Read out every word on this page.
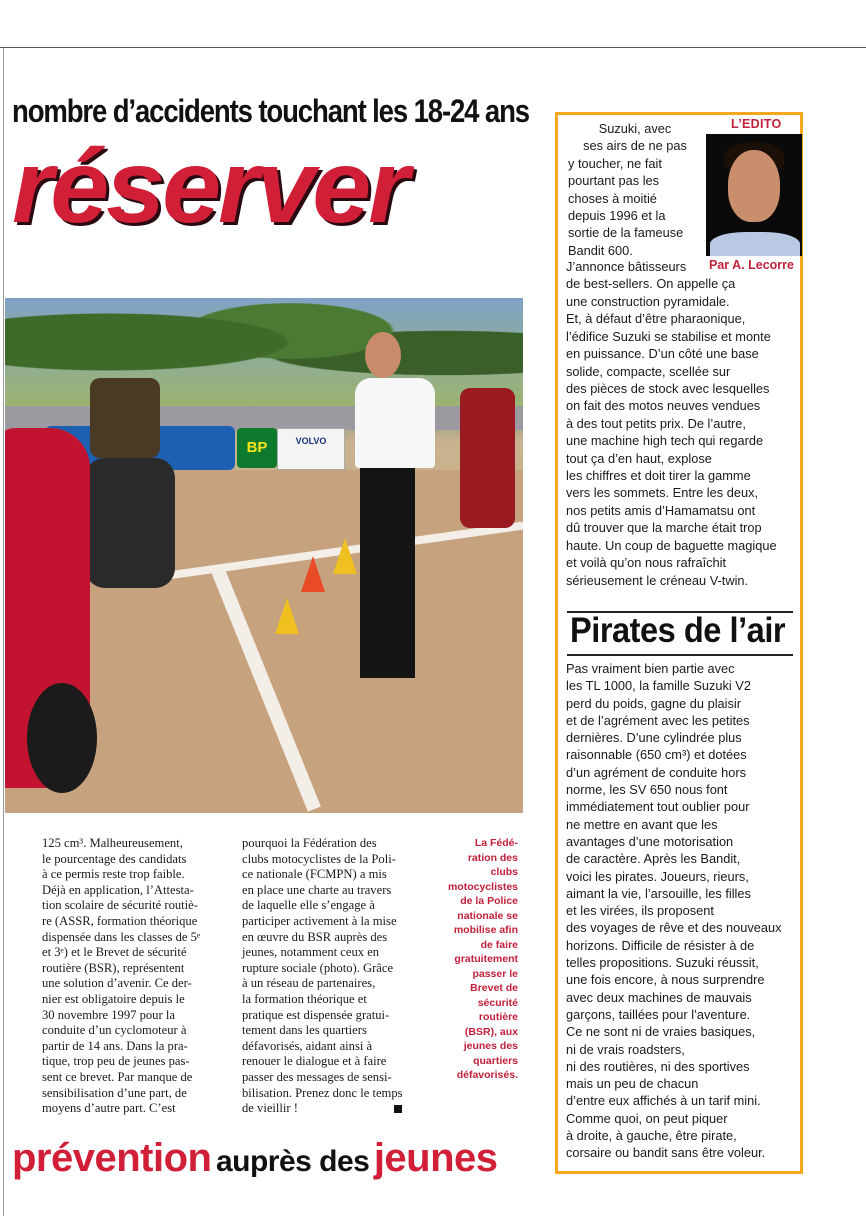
nombre d’accidents touchant les 18-24 ans
réserver
BP	VOLVO
125 cm³. Malheureusement,
le pourcentage des candidats
à ce permis reste trop faible.
Déjà en application, l’Attesta-
tion scolaire de sécurité routiè-
re (ASSR, formation théorique
dispensée dans les classes de 5ᵉ
et 3ᵉ) et le Brevet de sécurité
routière (BSR), représentent
une solution d’avenir. Ce der-
nier est obligatoire depuis le
30 novembre 1997 pour la
conduite d’un cyclomoteur à
partir de 14 ans. Dans la pra-
tique, trop peu de jeunes pas-
sent ce brevet. Par manque de
sensibilisation d’une part, de
moyens d’autre part. C’est
pourquoi la Fédération des
clubs motocyclistes de la Poli-
ce nationale (FCMPN) a mis
en place une charte au travers
de laquelle elle s’engage à
participer activement à la mise
en œuvre du BSR auprès des
jeunes, notamment ceux en
rupture sociale (photo). Grâce
à un réseau de partenaires,
la formation théorique et
pratique est dispensée gratui-
tement dans les quartiers
défavorisés, aidant ainsi à
renouer le dialogue et à faire
passer des messages de sensi-
bilisation. Prenez donc le temps
de vieillir !
La Fédé-
ration des
clubs
motocyclistes
de la Police
nationale se
mobilise afin
de faire
gratuitement
passer le
Brevet de
sécurité
routière
(BSR), aux
jeunes des
quartiers
défavorisés.
prévention auprès des jeunes
L’EDITO
Par A. Lecorre
Suzuki, avec
ses airs de ne pas
y toucher, ne fait
pourtant pas les
choses à moitié
depuis 1996 et la
sortie de la fameuse
Bandit 600.
J’annonce bâtisseurs
de best-sellers. On appelle ça
une construction pyramidale.
Et, à défaut d’être pharaonique,
l’édifice Suzuki se stabilise et monte
en puissance. D’un côté une base
solide, compacte, scellée sur
des pièces de stock avec lesquelles
on fait des motos neuves vendues
à des tout petits prix. De l’autre,
une machine high tech qui regarde
tout ça d’en haut, explose
les chiffres et doit tirer la gamme
vers les sommets. Entre les deux,
nos petits amis d’Hamamatsu ont
dû trouver que la marche était trop
haute. Un coup de baguette magique
et voilà qu’on nous rafraîchit
sérieusement le créneau V-twin.
Pirates de l’air
Pas vraiment bien partie avec
les TL 1000, la famille Suzuki V2
perd du poids, gagne du plaisir
et de l’agrément avec les petites
dernières. D’une cylindrée plus
raisonnable (650 cm³) et dotées
d’un agrément de conduite hors
norme, les SV 650 nous font
immédiatement tout oublier pour
ne mettre en avant que les
avantages d’une motorisation
de caractère. Après les Bandit,
voici les pirates. Joueurs, rieurs,
aimant la vie, l’arsouille, les filles
et les virées, ils proposent
des voyages de rêve et des nouveaux
horizons. Difficile de résister à de
telles propositions. Suzuki réussit,
une fois encore, à nous surprendre
avec deux machines de mauvais
garçons, taillées pour l’aventure.
Ce ne sont ni de vraies basiques,
ni de vrais roadsters,
ni des routières, ni des sportives
mais un peu de chacun
d’entre eux affichés à un tarif mini.
Comme quoi, on peut piquer
à droite, à gauche, être pirate,
corsaire ou bandit sans être voleur.
